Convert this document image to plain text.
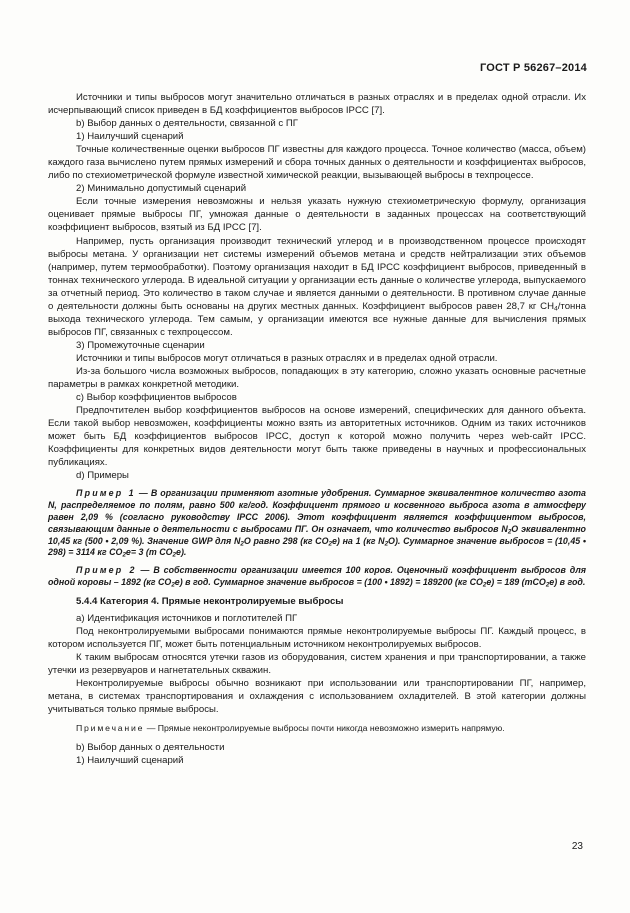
ГОСТ Р 56267–2014

Источники и типы выбросов могут значительно отличаться в разных отраслях и в пределах одной отрасли. Их исчерпывающий список приведен в БД коэффициентов выбросов IPCC [7].

b) Выбор данных о деятельности, связанной с ПГ

1) Наилучший сценарий

Точные количественные оценки выбросов ПГ известны для каждого процесса. Точное количество (масса, объем) каждого газа вычислено путем прямых измерений и сбора точных данных о деятельности и коэффициентах выбросов, либо по стехиометрической формуле известной химической реакции, вызывающей выбросы в техпроцессе.

2) Минимально допустимый сценарий

Если точные измерения невозможны и нельзя указать нужную стехиометрическую формулу, организация оценивает прямые выбросы ПГ, умножая данные о деятельности в заданных процессах на соответствующий коэффициент выбросов, взятый из БД IPCC [7].

Например, пусть организация производит технический углерод и в производственном процессе происходят выбросы метана. У организации нет системы измерений объемов метана и средств нейтрализации этих объемов (например, путем термообработки). Поэтому организация находит в БД IPCC коэффициент выбросов, приведенный в тоннах технического углерода. В идеальной ситуации у организации есть данные о количестве углерода, выпускаемого за отчетный период. Это количество в таком случае и является данными о деятельности. В противном случае данные о деятельности должны быть основаны на других местных данных. Коэффициент выбросов равен 28,7 кг $CH_4$/тонна выхода технического углерода. Тем самым, у организации имеются все нужные данные для вычисления прямых выбросов ПГ, связанных с техпроцессом.

3) Промежуточные сценарии

Источники и типы выбросов могут отличаться в разных отраслях и в пределах одной отрасли.

Из-за большого числа возможных выбросов, попадающих в эту категорию, сложно указать основные расчетные параметры в рамках конкретной методики.

c) Выбор коэффициентов выбросов

Предпочтителен выбор коэффициентов выбросов на основе измерений, специфических для данного объекта. Если такой выбор невозможен, коэффициенты можно взять из авторитетных источников. Одним из таких источников может быть БД коэффициентов выбросов IPCC, доступ к которой можно получить через web-сайт IPCC. Коэффициенты для конкретных видов деятельности могут быть также приведены в научных и профессиональных публикациях.

d) Примеры

Пример 1 — В организации применяют азотные удобрения. Суммарное эквивалентное количество азота N, распределяемое по полям, равно 500 кг/год. Коэффициент прямого и косвенного выброса азота в атмосферу равен 2,09 % (согласно руководству IPCC 2006). Этот коэффициент является коэффициентом выбросов, связывающим данные о деятельности с выбросами ПГ. Он означает, что количество выбросов $N_2O$ эквивалентно 10,45 кг (500 • 2,09 %). Значение GWP для $N_2O$ равно 298 (кг $CO_2е$) на 1 (кг $N_2O$). Суммарное значение выбросов = (10,45 • 298) = 3114 кг $CO_2е= 3$ (т $CO_2е$).

Пример 2 — В собственности организации имеется 100 коров. Оценочный коэффициент выбросов для одной коровы – 1892 (кг $CO_2е$) в год. Суммарное значение выбросов = (100 • 1892) = 189200 (кг $CO_2е) = 189$ (тCO$_2$е) в год.

5.4.4 Категория 4. Прямые неконтролируемые выбросы

а) Идентификация источников и поглотителей ПГ

Под неконтролируемыми выбросами понимаются прямые неконтролируемые выбросы ПГ. Каждый процесс, в котором используется ПГ, может быть потенциальным источником неконтролируемых выбросов.

К таким выбросам относятся утечки газов из оборудования, систем хранения и при транспортировании, а также утечки из резервуаров и нагнетательных скважин.

Неконтролируемые выбросы обычно возникают при использовании или транспортировании ПГ, например, метана, в системах транспортирования и охлаждения с использованием охладителей. В этой категории должны учитываться только прямые выбросы.

Примечание — Прямые неконтролируемые выбросы почти никогда невозможно измерить напрямую.

b) Выбор данных о деятельности

1) Наилучший сценарий

23
